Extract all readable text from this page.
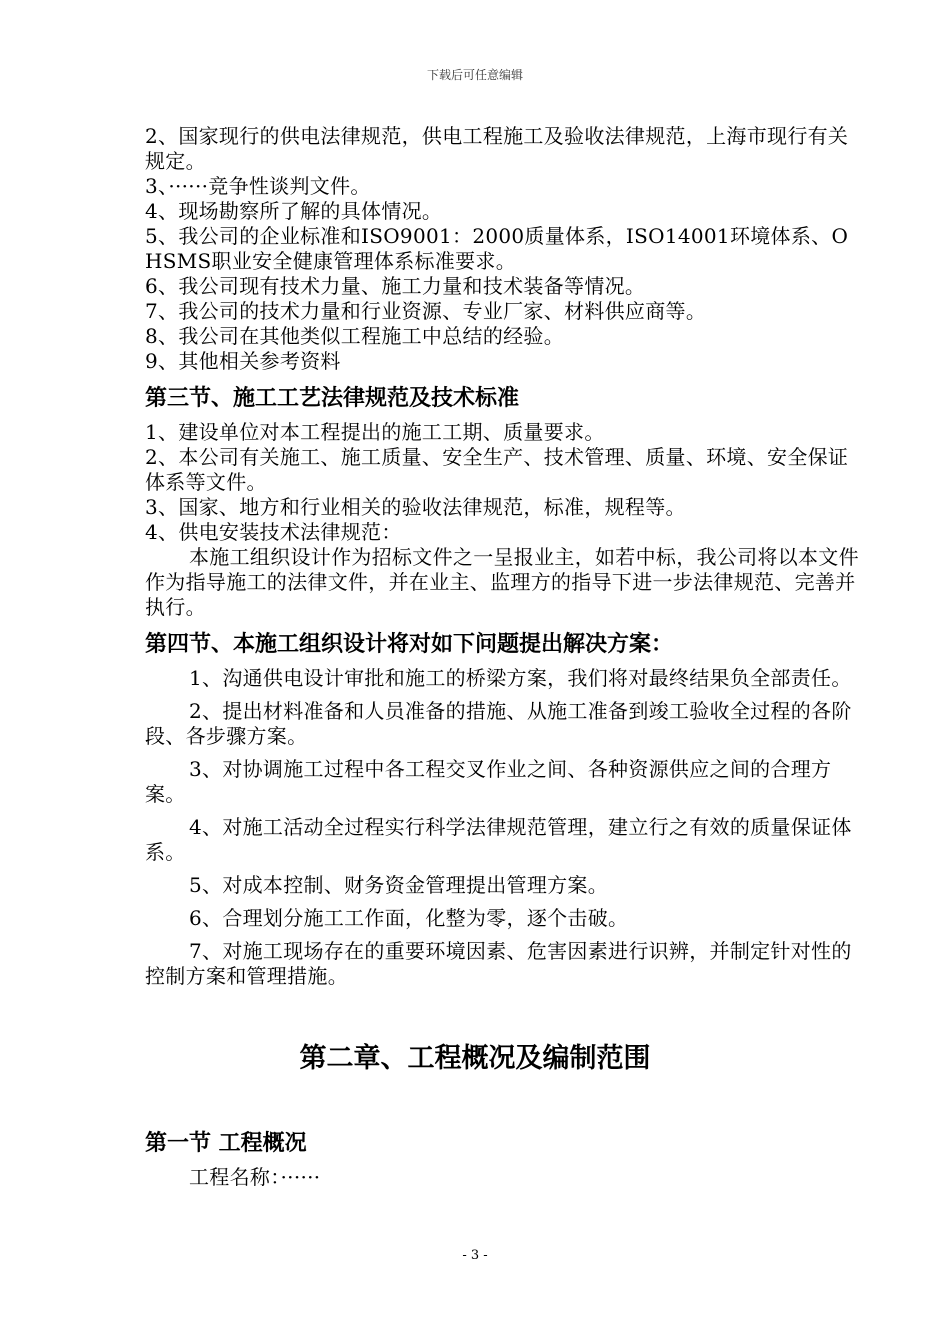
下载后可任意编辑

2、国家现行的供电法律规范，供电工程施工及验收法律规范，上海市现行有关规定。

3、······竞争性谈判文件。

4、现场勘察所了解的具体情况。

5、我公司的企业标准和ISO9001：2000质量体系，ISO14001环境体系、OHSMS职业安全健康管理体系标准要求。

6、我公司现有技术力量、施工力量和技术装备等情况。

7、我公司的技术力量和行业资源、专业厂家、材料供应商等。

8、我公司在其他类似工程施工中总结的经验。

9、其他相关参考资料

第三节、施工工艺法律规范及技术标准

1、建设单位对本工程提出的施工工期、质量要求。

2、本公司有关施工、施工质量、安全生产、技术管理、质量、环境、安全保证体系等文件。

3、国家、地方和行业相关的验收法律规范，标准，规程等。

4、供电安装技术法律规范：

本施工组织设计作为招标文件之一呈报业主，如若中标，我公司将以本文件作为指导施工的法律文件，并在业主、监理方的指导下进一步法律规范、完善并执行。

第四节、本施工组织设计将对如下问题提出解决方案：

1、沟通供电设计审批和施工的桥梁方案，我们将对最终结果负全部责任。

2、提出材料准备和人员准备的措施、从施工准备到竣工验收全过程的各阶段、各步骤方案。

3、对协调施工过程中各工程交叉作业之间、各种资源供应之间的合理方案。

4、对施工活动全过程实行科学法律规范管理，建立行之有效的质量保证体系。

5、对成本控制、财务资金管理提出管理方案。

6、合理划分施工工作面，化整为零，逐个击破。

7、对施工现场存在的重要环境因素、危害因素进行识辨，并制定针对性的控制方案和管理措施。

第二章、工程概况及编制范围
第一节 工程概况

工程名称：······

- 3 -
